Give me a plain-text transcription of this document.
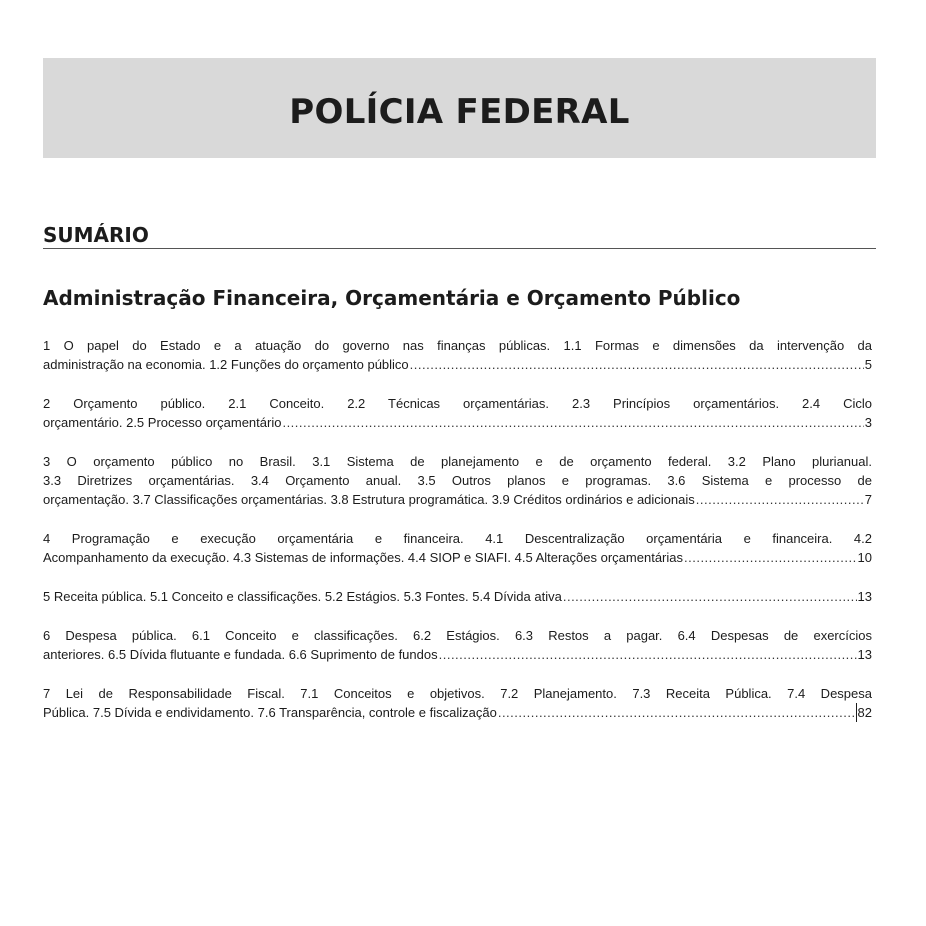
POLÍCIA FEDERAL
SUMÁRIO
Administração Financeira, Orçamentária e Orçamento Público
1 O papel do Estado e a atuação do governo nas finanças públicas. 1.1 Formas e dimensões da intervenção da
administração na economia. 1.2 Funções do orçamento público .....	5
2 Orçamento público. 2.1 Conceito. 2.2 Técnicas orçamentárias. 2.3 Princípios orçamentários. 2.4 Ciclo
orçamentário. 2.5 Processo orçamentário .....	3
3 O orçamento público no Brasil. 3.1 Sistema de planejamento e de orçamento federal. 3.2 Plano plurianual.
3.3 Diretrizes orçamentárias. 3.4 Orçamento anual. 3.5 Outros planos e programas. 3.6 Sistema e processo de
orçamentação. 3.7 Classificações orçamentárias. 3.8 Estrutura programática. 3.9 Créditos ordinários e adicionais .....	7
4 Programação e execução orçamentária e financeira. 4.1 Descentralização orçamentária e financeira. 4.2
Acompanhamento da execução. 4.3 Sistemas de informações. 4.4 SIOP e SIAFI. 4.5 Alterações orçamentárias .....	10
5 Receita pública. 5.1 Conceito e classificações. 5.2 Estágios. 5.3 Fontes. 5.4 Dívida ativa .....	13
6 Despesa pública. 6.1 Conceito e classificações. 6.2 Estágios. 6.3 Restos a pagar. 6.4 Despesas de exercícios
anteriores. 6.5 Dívida flutuante e fundada. 6.6 Suprimento de fundos .....	13
7 Lei de Responsabilidade Fiscal. 7.1 Conceitos e objetivos. 7.2 Planejamento. 7.3 Receita Pública. 7.4 Despesa
Pública. 7.5 Dívida e endividamento. 7.6 Transparência, controle e fiscalização .....	82
